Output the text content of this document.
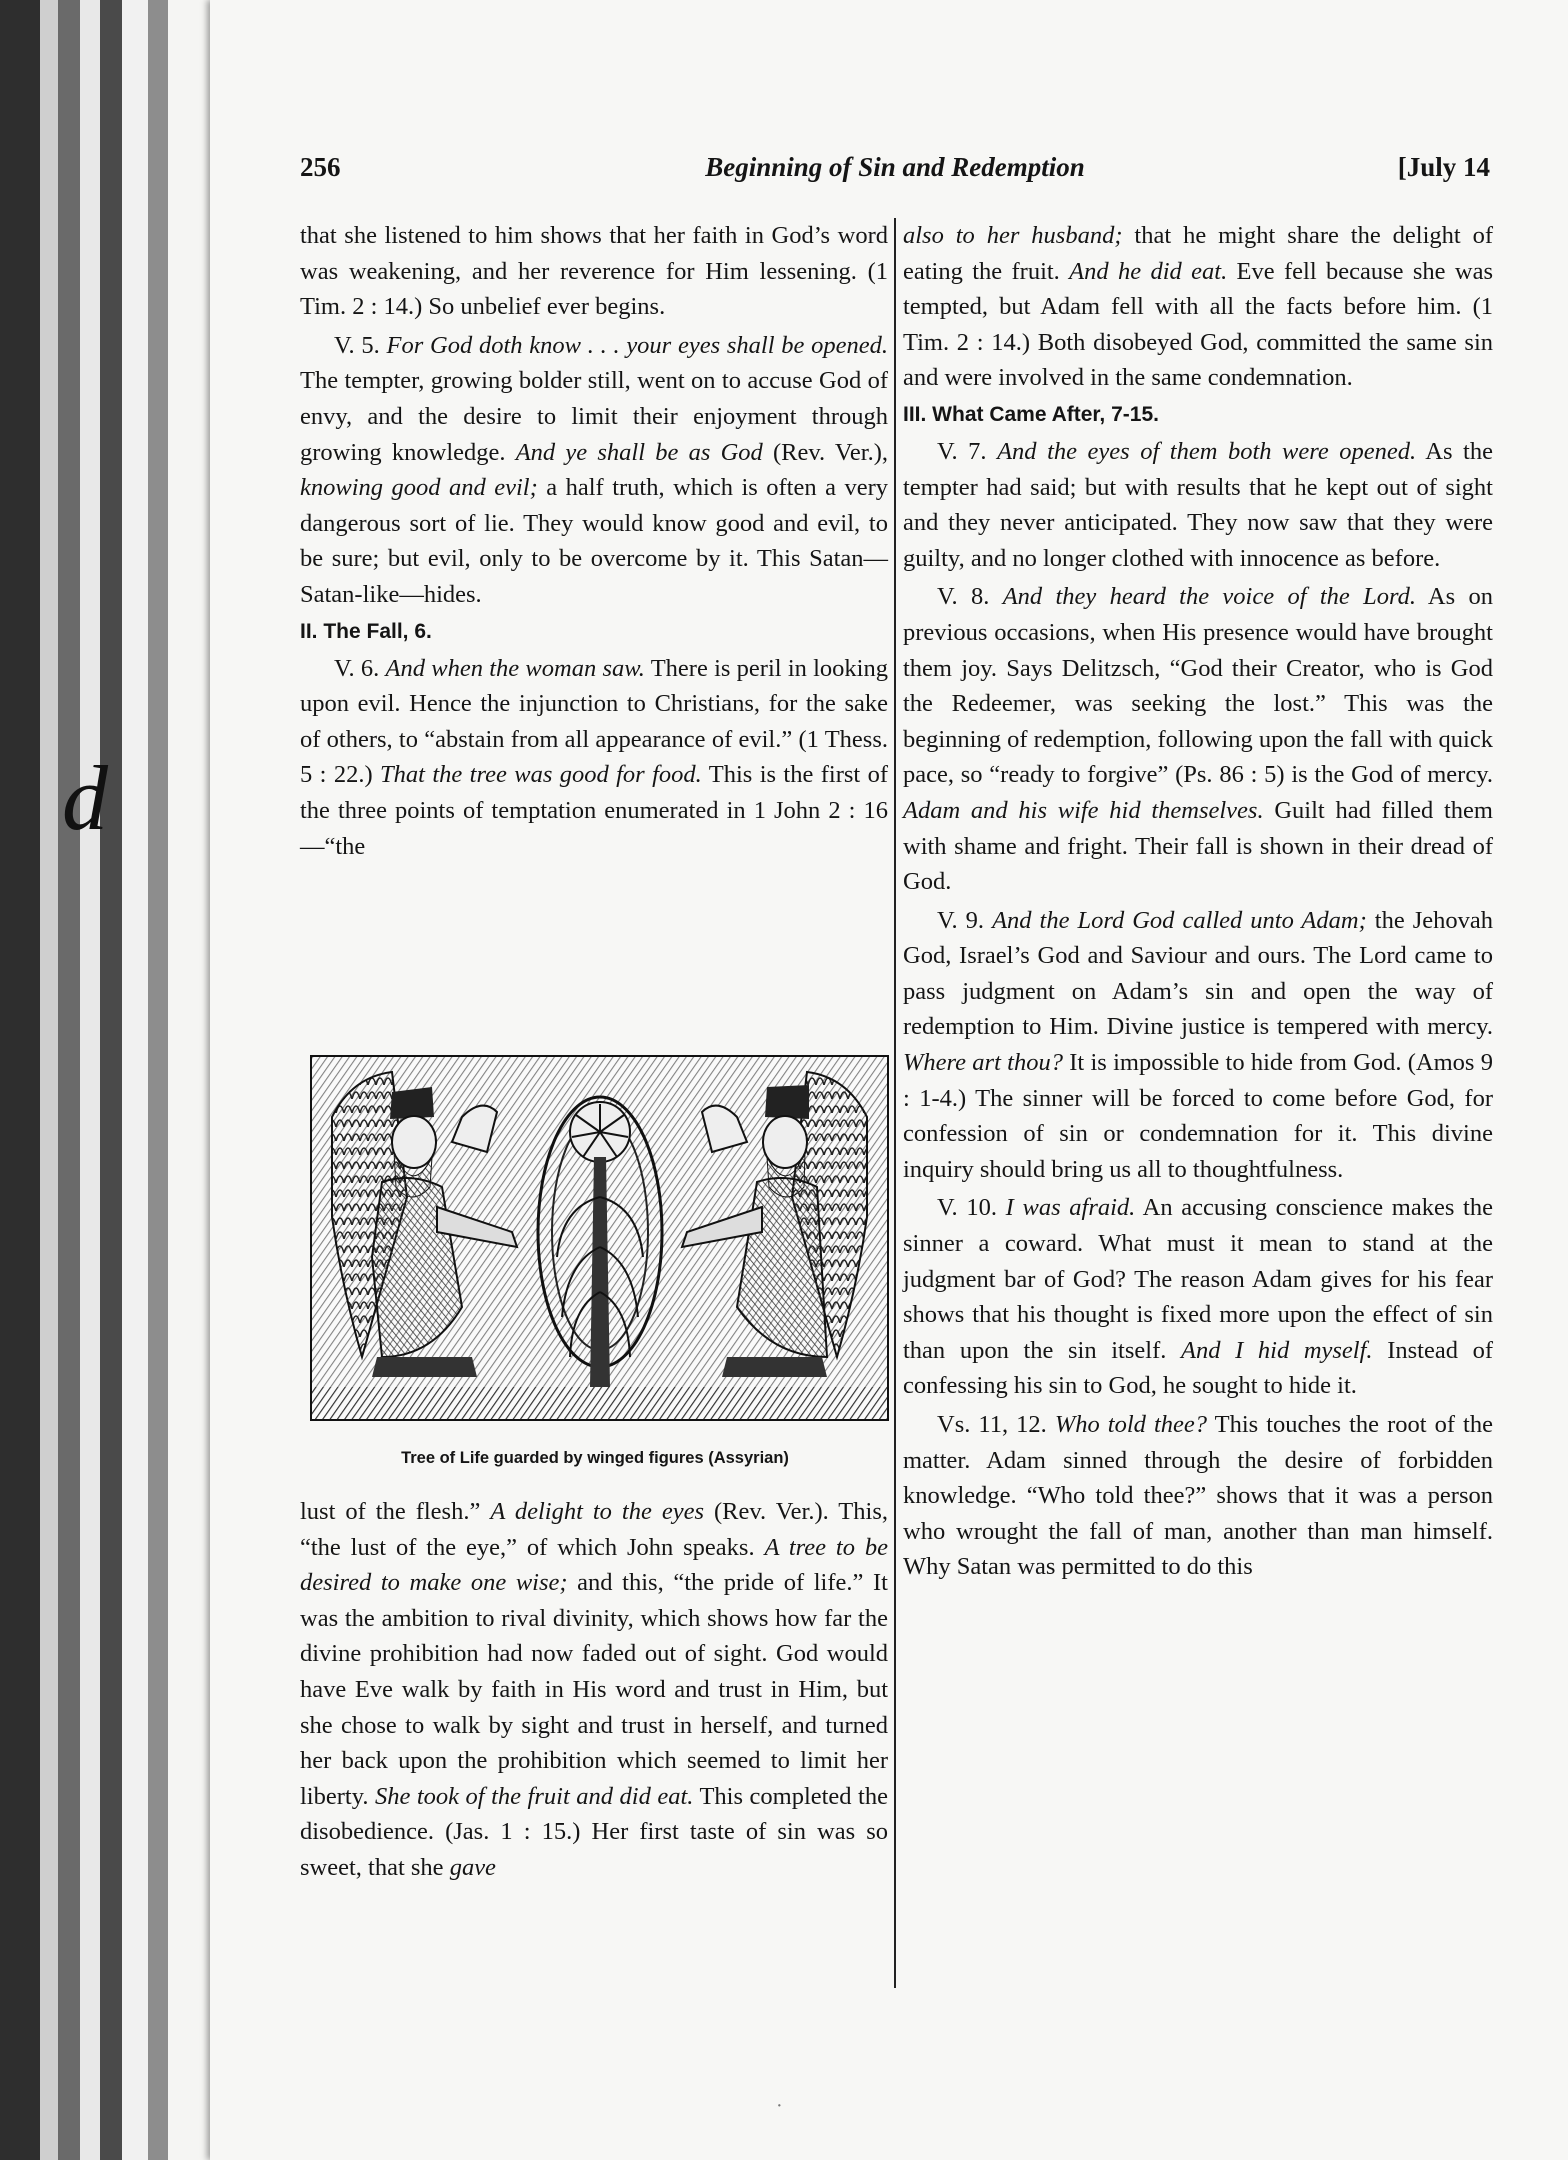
d
256	Beginning of Sin and Redemption	[July 14

that she listened to him shows that her faith in God’s word was weakening, and her reverence for Him lessening. (1 Tim. 2 : 14.) So unbelief ever begins.

V. 5. For God doth know . . . your eyes shall be opened. The tempter, growing bolder still, went on to accuse God of envy, and the desire to limit their enjoyment through growing knowledge. And ye shall be as God (Rev. Ver.), knowing good and evil; a half truth, which is often a very dangerous sort of lie. They would know good and evil, to be sure; but evil, only to be overcome by it. This Satan—Satan-like—hides.

II. The Fall, 6.

V. 6. And when the woman saw. There is peril in looking upon evil. Hence the injunction to Christians, for the sake of others, to “abstain from all appearance of evil.” (1 Thess. 5 : 22.) That the tree was good for food. This is the first of the three points of temptation enumerated in 1 John 2 : 16—“the

Tree of Life guarded by winged figures (Assyrian)

lust of the flesh.” A delight to the eyes (Rev. Ver.). This, “the lust of the eye,” of which John speaks. A tree to be desired to make one wise; and this, “the pride of life.” It was the ambition to rival divinity, which shows how far the divine prohibition had now faded out of sight. God would have Eve walk by faith in His word and trust in Him, but she chose to walk by sight and trust in herself, and turned her back upon the prohibition which seemed to limit her liberty. She took of the fruit and did eat. This completed the disobedience. (Jas. 1 : 15.) Her first taste of sin was so sweet, that she gave

also to her husband; that he might share the delight of eating the fruit. And he did eat. Eve fell because she was tempted, but Adam fell with all the facts before him. (1 Tim. 2 : 14.) Both disobeyed God, committed the same sin and were involved in the same condemnation.

III. What Came After, 7-15.

V. 7. And the eyes of them both were opened. As the tempter had said; but with results that he kept out of sight and they never anticipated. They now saw that they were guilty, and no longer clothed with innocence as before.

V. 8. And they heard the voice of the Lord. As on previous occasions, when His presence would have brought them joy. Says Delitzsch, “God their Creator, who is God the Redeemer, was seeking the lost.” This was the beginning of redemption, following upon the fall with quick pace, so “ready to forgive” (Ps. 86 : 5) is the God of mercy. Adam and his wife hid themselves. Guilt had filled them with shame and fright. Their fall is shown in their dread of God.

V. 9. And the Lord God called unto Adam; the Jehovah God, Israel’s God and Saviour and ours. The Lord came to pass judgment on Adam’s sin and open the way of redemption to Him. Divine justice is tempered with mercy. Where art thou? It is impossible to hide from God. (Amos 9 : 1-4.) The sinner will be forced to come before God, for confession of sin or condemnation for it. This divine inquiry should bring us all to thoughtfulness.

V. 10. I was afraid. An accusing conscience makes the sinner a coward. What must it mean to stand at the judgment bar of God? The reason Adam gives for his fear shows that his thought is fixed more upon the effect of sin than upon the sin itself. And I hid myself. Instead of confessing his sin to God, he sought to hide it.

Vs. 11, 12. Who told thee? This touches the root of the matter. Adam sinned through the desire of forbidden knowledge. “Who told thee?” shows that it was a person who wrought the fall of man, another than man himself. Why Satan was permitted to do this

·
